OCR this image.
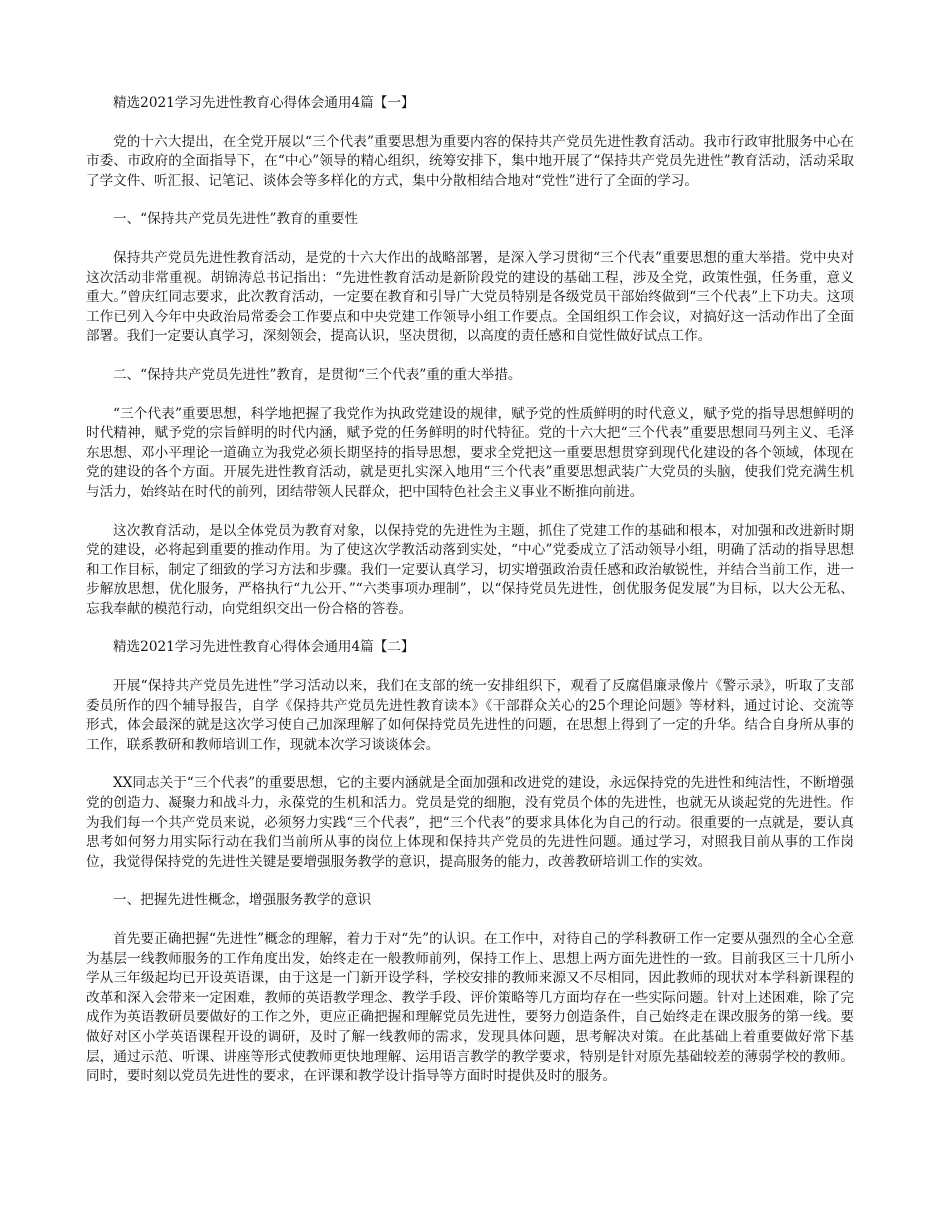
精选2021学习先进性教育心得体会通用4篇【一】

党的十六大提出，在全党开展以“三个代表”重要思想为重要内容的保持共产党员先进性教育活动。我市行政审批服务中心在市委、市政府的全面指导下，在“中心”领导的精心组织，统筹安排下，集中地开展了“保持共产党员先进性”教育活动，活动采取了学文件、听汇报、记笔记、谈体会等多样化的方式，集中分散相结合地对“党性”进行了全面的学习。

一、“保持共产党员先进性”教育的重要性

保持共产党员先进性教育活动，是党的十六大作出的战略部署，是深入学习贯彻“三个代表”重要思想的重大举措。党中央对这次活动非常重视。胡锦涛总书记指出：“先进性教育活动是新阶段党的建设的基础工程，涉及全党，政策性强，任务重，意义重大。”曾庆红同志要求，此次教育活动，一定要在教育和引导广大党员特别是各级党员干部始终做到“三个代表”上下功夫。这项工作已列入今年中央政治局常委会工作要点和中央党建工作领导小组工作要点。全国组织工作会议，对搞好这一活动作出了全面部署。我们一定要认真学习，深刻领会，提高认识，坚决贯彻，以高度的责任感和自觉性做好试点工作。

二、“保持共产党员先进性”教育，是贯彻“三个代表”重的重大举措。

“三个代表”重要思想，科学地把握了我党作为执政党建设的规律，赋予党的性质鲜明的时代意义，赋予党的指导思想鲜明的时代精神，赋予党的宗旨鲜明的时代内涵，赋予党的任务鲜明的时代特征。党的十六大把“三个代表”重要思想同马列主义、毛泽东思想、邓小平理论一道确立为我党必须长期坚持的指导思想，要求全党把这一重要思想贯穿到现代化建设的各个领域，体现在党的建设的各个方面。开展先进性教育活动，就是更扎实深入地用“三个代表”重要思想武装广大党员的头脑，使我们党充满生机与活力，始终站在时代的前列，团结带领人民群众，把中国特色社会主义事业不断推向前进。

这次教育活动，是以全体党员为教育对象，以保持党的先进性为主题，抓住了党建工作的基础和根本，对加强和改进新时期党的建设，必将起到重要的推动作用。为了使这次学教活动落到实处，“中心”党委成立了活动领导小组，明确了活动的指导思想和工作目标，制定了细致的学习方法和步骤。我们一定要认真学习，切实增强政治责任感和政治敏锐性，并结合当前工作，进一步解放思想，优化服务，严格执行“九公开、”“六类事项办理制”，以“保持党员先进性，创优服务促发展”为目标，以大公无私、忘我奉献的模范行动，向党组织交出一份合格的答卷。

精选2021学习先进性教育心得体会通用4篇【二】

开展“保持共产党员先进性”学习活动以来，我们在支部的统一安排组织下，观看了反腐倡廉录像片《警示录》，听取了支部委员所作的四个辅导报告，自学《保持共产党员先进性教育读本》《干部群众关心的25个理论问题》等材料，通过讨论、交流等形式，体会最深的就是这次学习使自己加深理解了如何保持党员先进性的问题，在思想上得到了一定的升华。结合自身所从事的工作，联系教研和教师培训工作，现就本次学习谈谈体会。

XX同志关于“三个代表”的重要思想，它的主要内涵就是全面加强和改进党的建设，永远保持党的先进性和纯洁性，不断增强党的创造力、凝聚力和战斗力，永葆党的生机和活力。党员是党的细胞，没有党员个体的先进性，也就无从谈起党的先进性。作为我们每一个共产党员来说，必须努力实践“三个代表”，把“三个代表”的要求具体化为自己的行动。很重要的一点就是，要认真思考如何努力用实际行动在我们当前所从事的岗位上体现和保持共产党员的先进性问题。通过学习，对照我目前从事的工作岗位，我觉得保持党的先进性关键是要增强服务教学的意识，提高服务的能力，改善教研培训工作的实效。

一、把握先进性概念，增强服务教学的意识

首先要正确把握“先进性”概念的理解，着力于对“先”的认识。在工作中，对待自己的学科教研工作一定要从强烈的全心全意为基层一线教师服务的工作角度出发，始终走在一般教师前列，保持工作上、思想上两方面先进性的一致。目前我区三十几所小学从三年级起均已开设英语课，由于这是一门新开设学科，学校安排的教师来源又不尽相同，因此教师的现状对本学科新课程的改革和深入会带来一定困难，教师的英语教学理念、教学手段、评价策略等几方面均存在一些实际问题。针对上述困难，除了完成作为英语教研员要做好的工作之外，更应正确把握和理解党员先进性，要努力创造条件，自己始终走在课改服务的第一线。要做好对区小学英语课程开设的调研，及时了解一线教师的需求，发现具体问题，思考解决对策。在此基础上着重要做好常下基层，通过示范、听课、讲座等形式使教师更快地理解、运用语言教学的教学要求，特别是针对原先基础较差的薄弱学校的教师。同时，要时刻以党员先进性的要求，在评课和教学设计指导等方面时时提供及时的服务。
